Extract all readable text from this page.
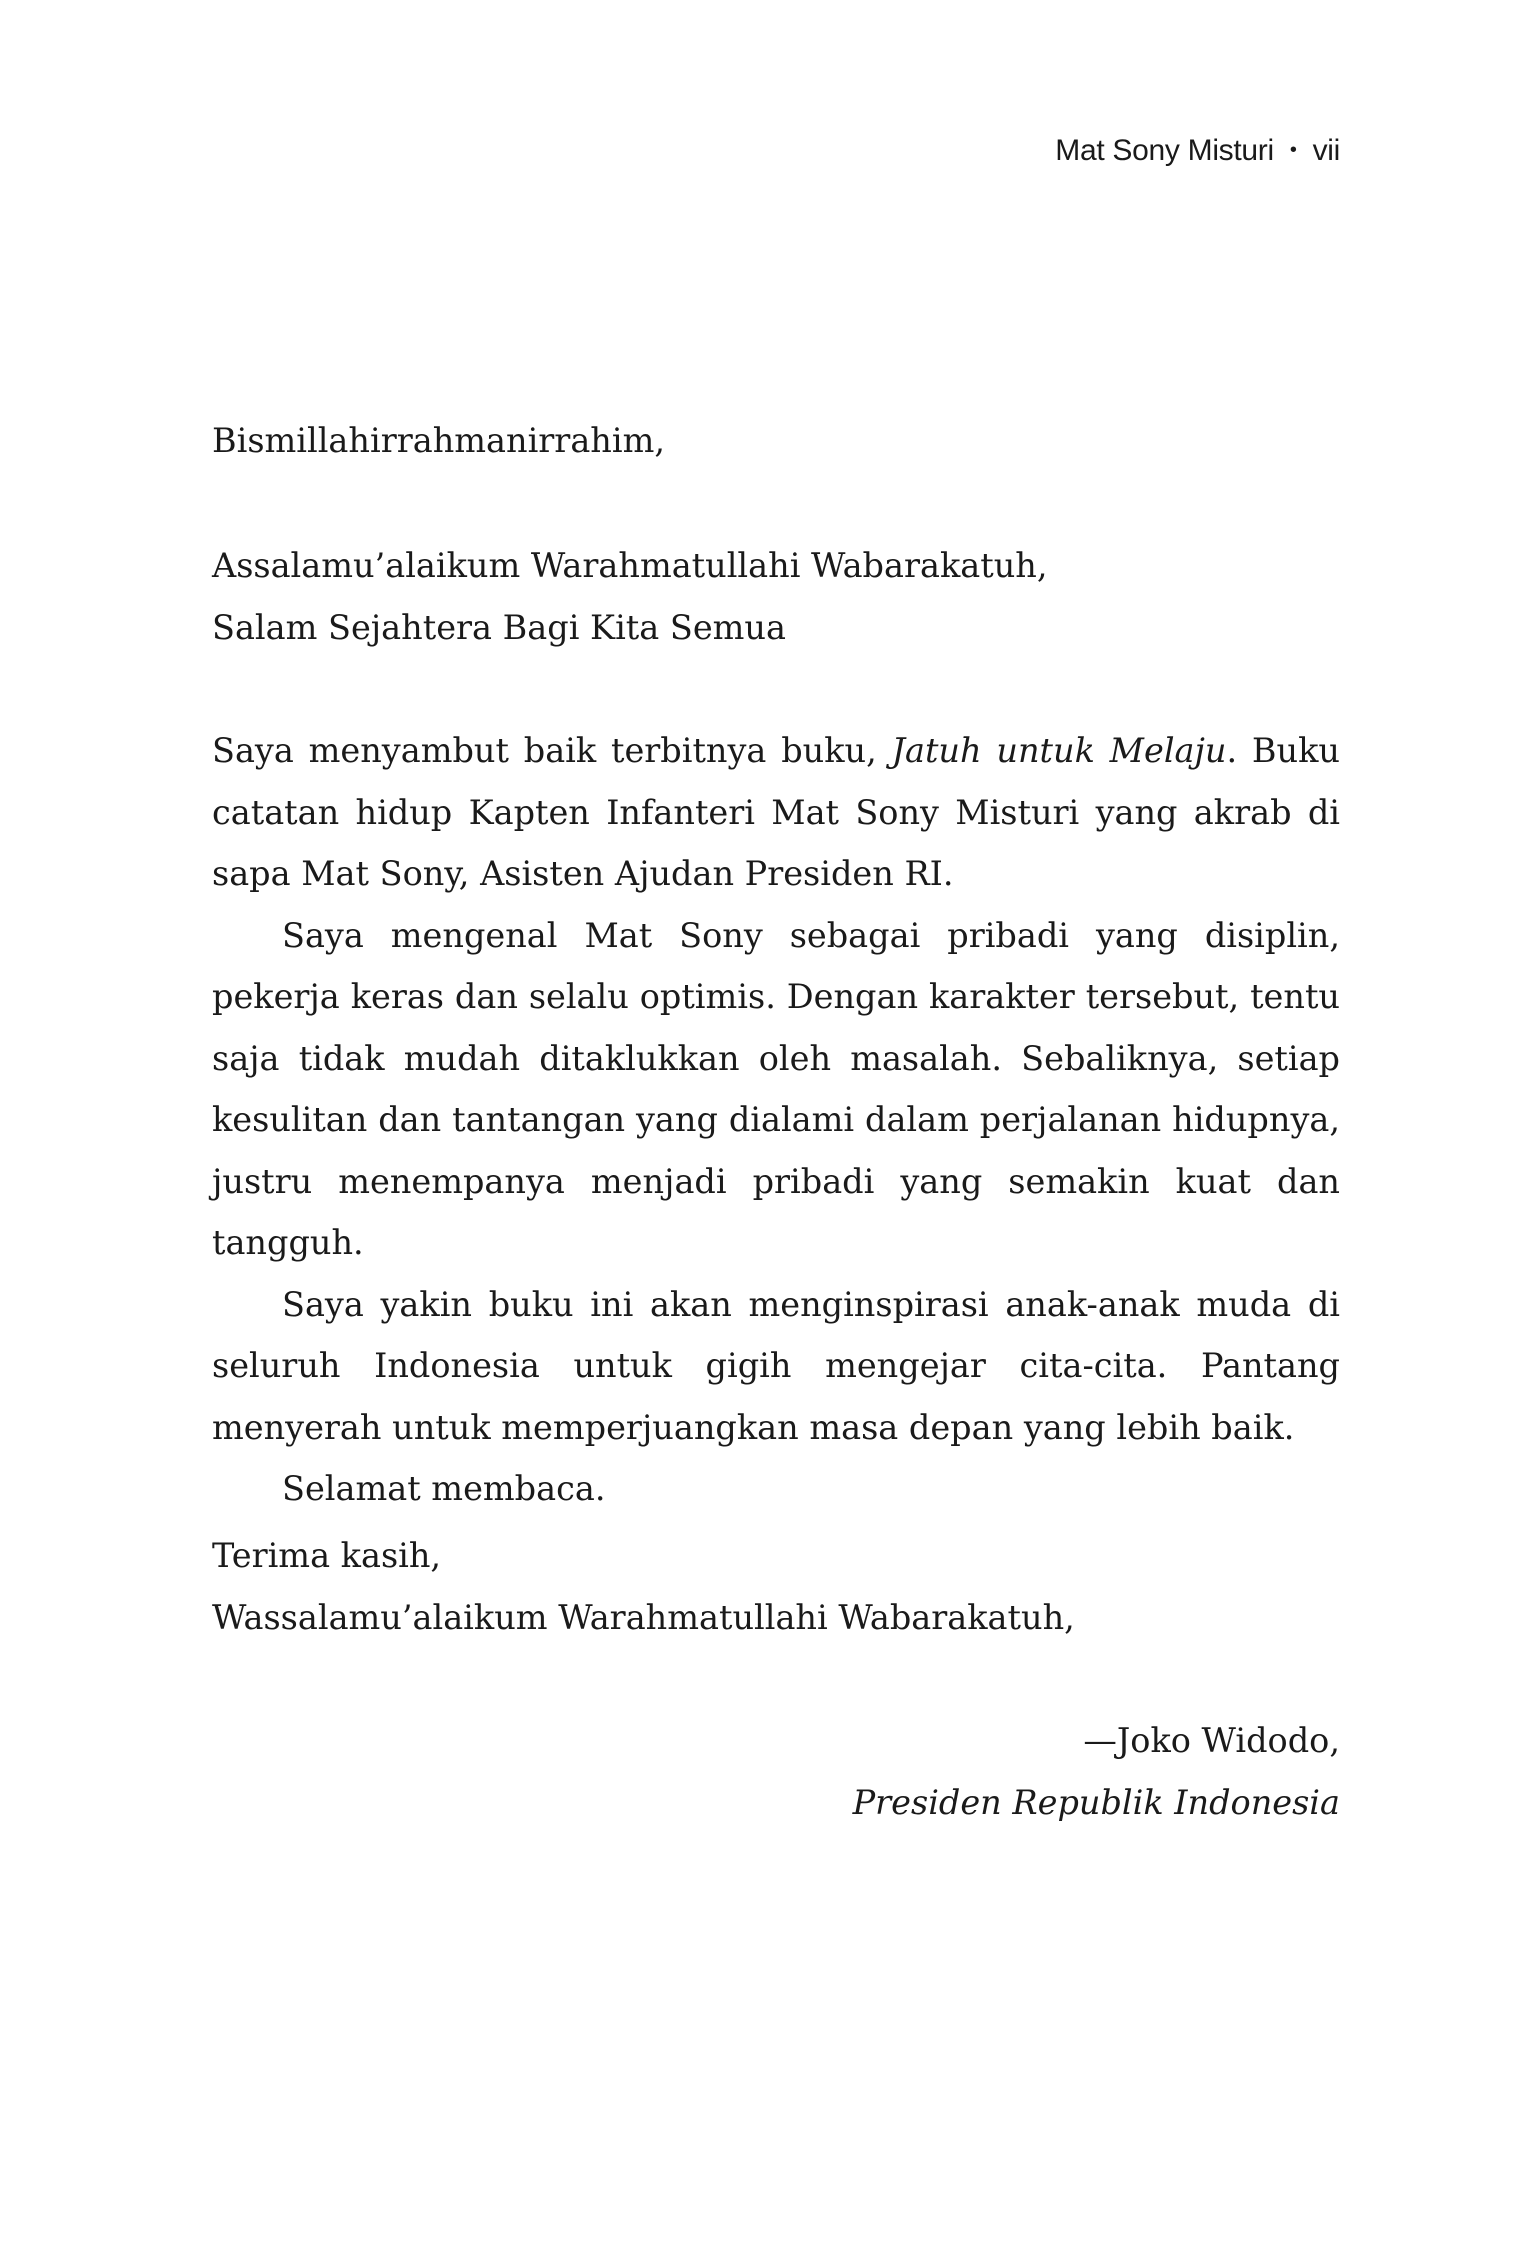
Mat Sony Misturi • vii

Bismillahirrahmanirrahim,

Assalamu’alaikum Warahmatullahi Wabarakatuh,

Salam Sejahtera Bagi Kita Semua

Saya menyambut baik terbitnya buku, Jatuh untuk Melaju. Buku catatan hidup Kapten Infanteri Mat Sony Misturi yang akrab di sapa Mat Sony, Asisten Ajudan Presiden RI.

Saya mengenal Mat Sony sebagai pribadi yang disiplin, pekerja keras dan selalu optimis. Dengan karakter tersebut, tentu saja tidak mudah ditaklukkan oleh masalah. Sebaliknya, setiap kesulitan dan tantangan yang dialami dalam perjalanan hidupnya, justru menempanya menjadi pribadi yang semakin kuat dan tangguh.

Saya yakin buku ini akan menginspirasi anak-anak muda di seluruh Indonesia untuk gigih mengejar cita-cita. Pantang menyerah untuk memperjuangkan masa depan yang lebih baik.

Selamat membaca.

Terima kasih,

Wassalamu’alaikum Warahmatullahi Wabarakatuh,

—Joko Widodo,
Presiden Republik Indonesia
